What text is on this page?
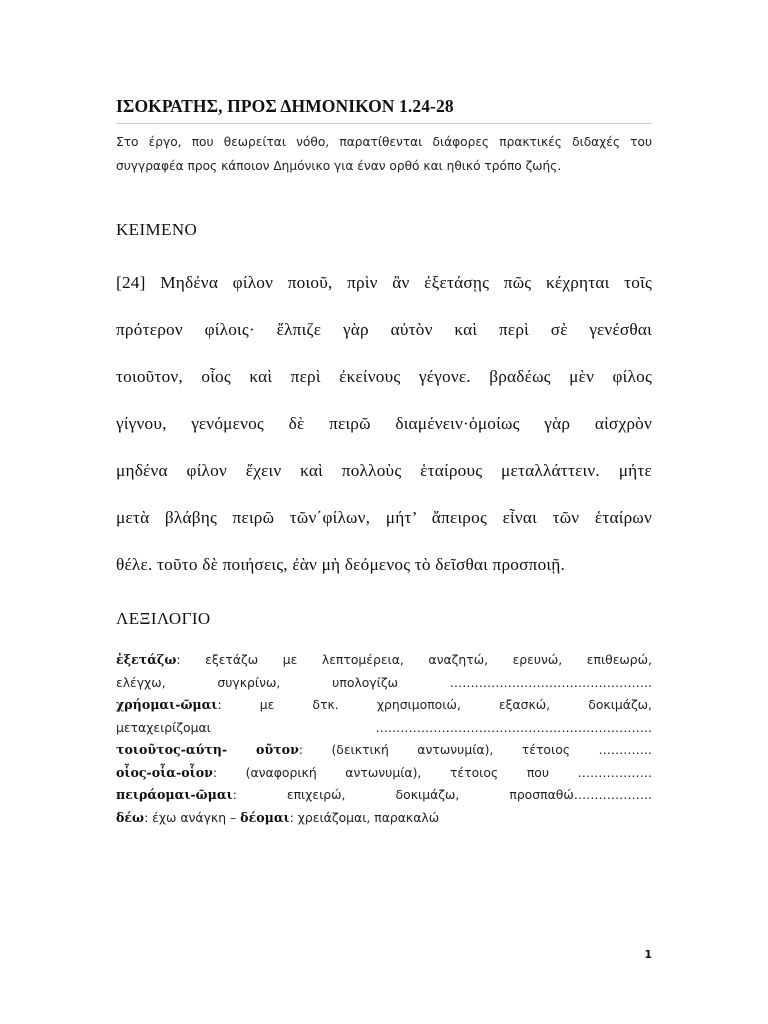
ΙΣΟΚΡΑΤΗΣ, ΠΡΟΣ ΔΗΜΟΝΙΚΟΝ 1.24-28
Στο έργο, που θεωρείται νόθο, παρατίθενται διάφορες πρακτικές διδαχές του συγγραφέα προς κάποιον Δημόνικο για έναν ορθό και ηθικό τρόπο ζωής.
ΚΕΙΜΕΝΟ
[24] Μηδένα φίλον ποιοῦ, πρὶν ἂν ἐξετάσῃς πῶς κέχρηται τοῖς
πρότερον φίλοις· ἔλπιζε γὰρ αὐτὸν καὶ περὶ σὲ γενέσθαι
τοιοῦτον, οἷος καὶ περὶ ἐκείνους γέγονε. βραδέως μὲν φίλος
γίγνου, γενόμενος δὲ πειρῶ διαμένειν·ὁμοίως γὰρ αἰσχρὸν
μηδένα φίλον ἔχειν καὶ πολλοὺς ἑταίρους μεταλλάττειν. μήτε
μετὰ βλάβης πειρῶ τῶν΄φίλων, μήτ’ ἄπειρος εἶναι τῶν ἑταίρων
θέλε. τοῦτο δὲ ποιήσεις, ἐὰν μὴ δεόμενος τὸ δεῖσθαι προσποιῇ.
ΛΕΞΙΛΟΓΙΟ
ἐξετάζω: εξετάζω με λεπτομέρεια, αναζητώ, ερευνώ, επιθεωρώ,
ελέγχω, συγκρίνω, υπολογίζω ………………………………………….
χρήομαι-ῶμαι: με δτκ. χρησιμοποιώ, εξασκώ, δοκιμάζω,
μεταχειρίζομαι ………………………………………………………….
τοιοῦτος-αύτη- οῦτον: (δεικτική αντωνυμία), τέτοιος ………….
οἷος-οἷα-οἷον: (αναφορική αντωνυμία), τέτοιος που ………………
πειράομαι-ῶμαι: επιχειρώ, δοκιμάζω, προσπαθώ……………….
δέω: έχω ανάγκη – δέομαι: χρειάζομαι, παρακαλώ
1
